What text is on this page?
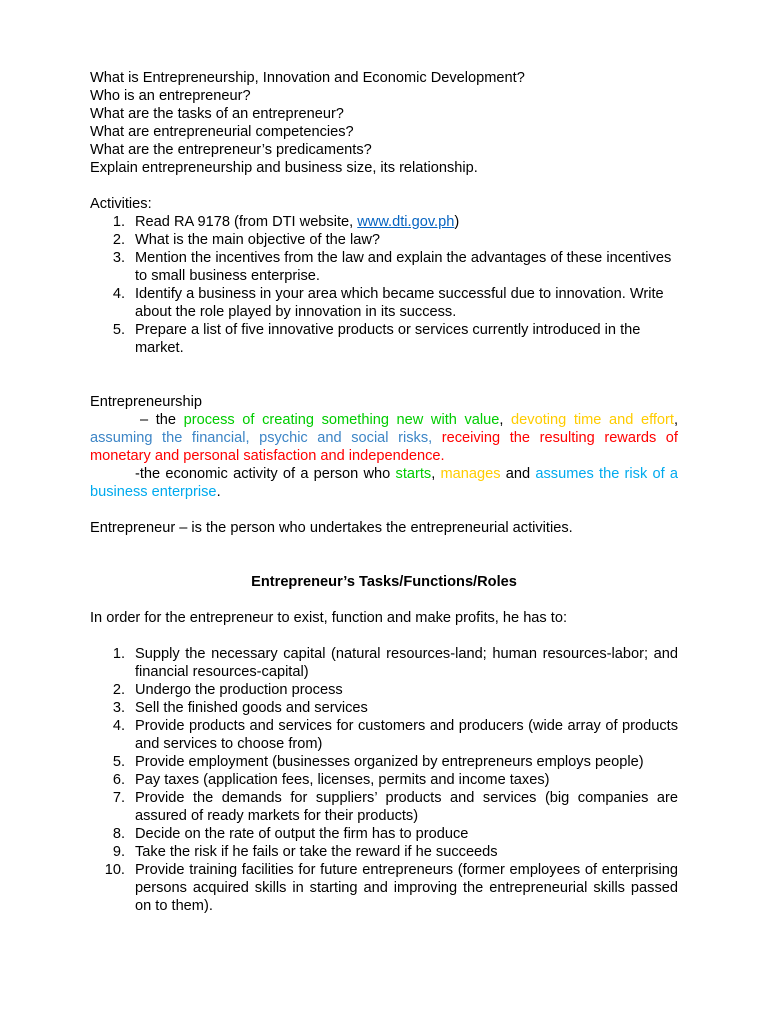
What is Entrepreneurship, Innovation and Economic Development?

Who is an entrepreneur?

What are the tasks of an entrepreneur?

What are entrepreneurial competencies?

What are the entrepreneur’s predicaments?

Explain entrepreneurship and business size, its relationship.

Activities:

1. Read RA 9178 (from DTI website, www.dti.gov.ph)
2. What is the main objective of the law?
3. Mention the incentives from the law and explain the advantages of these incentives to small business enterprise.
4. Identify a business in your area which became successful due to innovation. Write about the role played by innovation in its success.
5. Prepare a list of five innovative products or services currently introduced in the market.

Entrepreneurship

– the process of creating something new with value, devoting time and effort, assuming the financial, psychic and social risks, receiving the resulting rewards of monetary and personal satisfaction and independence.

-the economic activity of a person who starts, manages and assumes the risk of a business enterprise.

Entrepreneur – is the person who undertakes the entrepreneurial activities.

Entrepreneur’s Tasks/Functions/Roles

In order for the entrepreneur to exist, function and make profits, he has to:

1. Supply the necessary capital (natural resources-land; human resources-labor; and financial resources-capital)
2. Undergo the production process
3. Sell the finished goods and services
4. Provide products and services for customers and producers (wide array of products and services to choose from)
5. Provide employment (businesses organized by entrepreneurs employs people)
6. Pay taxes (application fees, licenses, permits and income taxes)
7. Provide the demands for suppliers’ products and services (big companies are assured of ready markets for their products)
8. Decide on the rate of output the firm has to produce
9. Take the risk if he fails or take the reward if he succeeds
10. Provide training facilities for future entrepreneurs (former employees of enterprising persons acquired skills in starting and improving the entrepreneurial skills passed on to them).
